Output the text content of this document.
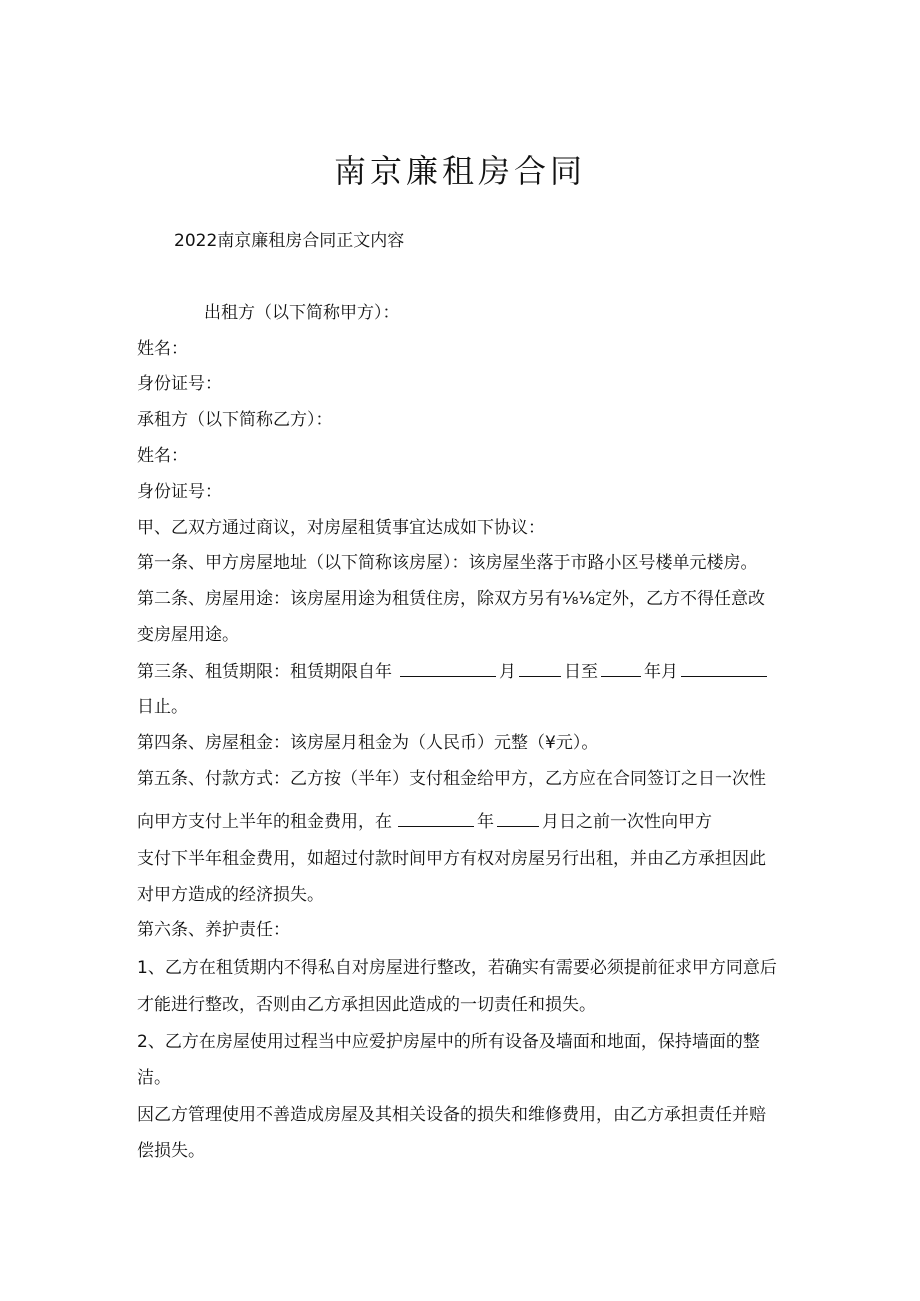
南京廉租房合同
2022南京廉租房合同正文内容
出租方（以下简称甲方）：
姓名：
身份证号：
承租方（以下简称乙方）：
姓名：
身份证号：
甲、乙双方通过商议，对房屋租赁事宜达成如下协议：
第一条、甲方房屋地址（以下简称该房屋）：该房屋坐落于市路小区号楼单元楼房。
第二条、房屋用途：该房屋用途为租赁住房，除双方另有⅛⅛定外，乙方不得任意改
变房屋用途。
第三条、租赁期限：租赁期限自年	月	日至	年月
日止。
第四条、房屋租金：该房屋月租金为（人民币）元整（¥元）。
第五条、付款方式：乙方按（半年）支付租金给甲方，乙方应在合同签订之日一次性
向甲方支付上半年的租金费用，在	年	月日之前一次性向甲方
支付下半年租金费用，如超过付款时间甲方有权对房屋另行出租，并由乙方承担因此
对甲方造成的经济损失。
第六条、养护责任：
1、乙方在租赁期内不得私自对房屋进行整改，若确实有需要必须提前征求甲方同意后
才能进行整改，否则由乙方承担因此造成的一切责任和损失。
2、乙方在房屋使用过程当中应爱护房屋中的所有设备及墙面和地面，保持墙面的整
洁。
因乙方管理使用不善造成房屋及其相关设备的损失和维修费用，由乙方承担责任并赔
偿损失。
